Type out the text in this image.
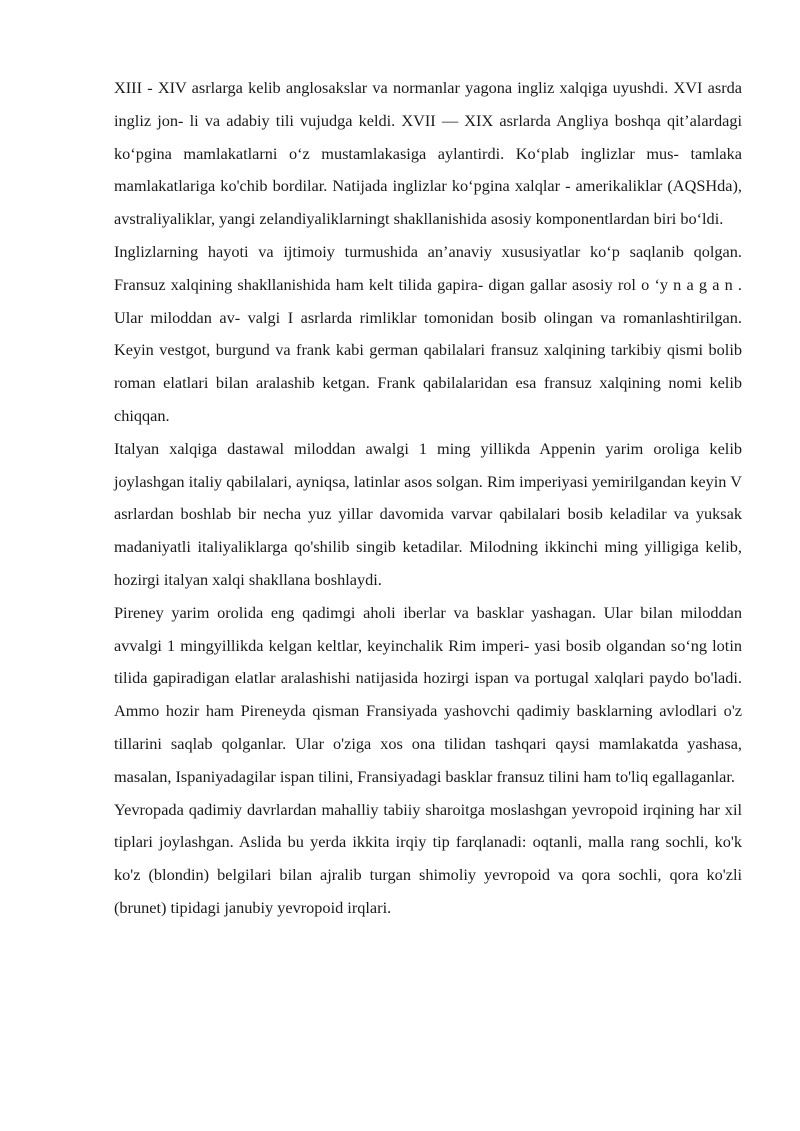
XIII - XIV asrlarga kelib anglosakslar va normanlar yagona ingliz xalqiga uyushdi. XVI asrda ingliz jon- li va adabiy tili vujudga keldi. XVII — XIX asrlarda Angliya boshqa qit’alardagi ko‘pgina mamlakatlarni o‘z mustamlakasiga aylantirdi. Ko‘plab inglizlar mus- tamlaka mamlakatlariga ko'chib bordilar. Natijada inglizlar ko‘pgina xalqlar - amerikaliklar (AQSHda), avstraliyaliklar, yangi zelandiyaliklarningt shakllanishida asosiy komponentlardan biri bo‘ldi.

Inglizlarning hayoti va ijtimoiy turmushida an’anaviy xususiyatlar ko‘p saqlanib qolgan. Fransuz xalqining shakllanishida ham kelt tilida gapira- digan gallar asosiy rol o ‘y n a g a n . Ular miloddan av- valgi I asrlarda rimliklar tomonidan bosib olingan va romanlashtirilgan. Keyin vestgot, burgund va frank kabi german qabilalari fransuz xalqining tarkibiy qismi bolib roman elatlari bilan aralashib ketgan. Frank qabilalaridan esa fransuz xalqining nomi kelib chiqqan.

Italyan xalqiga dastawal miloddan awalgi 1 ming yillikda Appenin yarim oroliga kelib joylashgan italiy qabilalari, ayniqsa, latinlar asos solgan. Rim imperiyasi yemirilgandan keyin V asrlardan boshlab bir necha yuz yillar davomida varvar qabilalari bosib keladilar va yuksak madaniyatli italiyaliklarga qo'shilib singib ketadilar. Milodning ikkinchi ming yilligiga kelib, hozirgi italyan xalqi shakllana boshlaydi.

Pireney yarim orolida eng qadimgi aholi iberlar va basklar yashagan. Ular bilan miloddan avvalgi 1 mingyillikda kelgan keltlar, keyinchalik Rim imperi- yasi bosib olgandan so‘ng lotin tilida gapiradigan elatlar aralashishi natijasida hozirgi ispan va portugal xalqlari paydo bo'ladi. Ammo hozir ham Pireneyda qisman Fransiyada yashovchi qadimiy basklarning avlodlari o'z tillarini saqlab qolganlar. Ular o'ziga xos ona tilidan tashqari qaysi mamlakatda yashasa, masalan, Ispaniyadagilar ispan tilini, Fransiyadagi basklar fransuz tilini ham to'liq egallaganlar.

Yevropada qadimiy davrlardan mahalliy tabiiy sharoitga moslashgan yevropoid irqining har xil tiplari joylashgan. Aslida bu yerda ikkita irqiy tip farqlanadi: oqtanli, malla rang sochli, ko'k ko'z (blondin) belgilari bilan ajralib turgan shimoliy yevropoid va qora sochli, qora ko'zli (brunet) tipidagi janubiy yevropoid irqlari.
